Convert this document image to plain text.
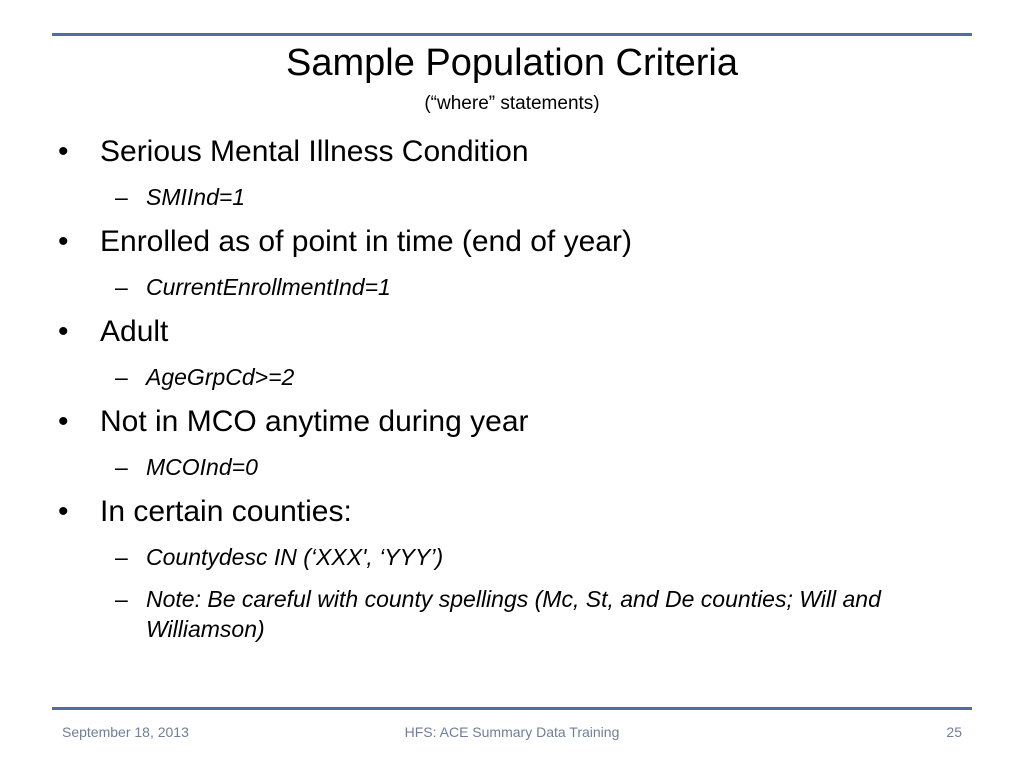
Sample Population Criteria
(“where” statements)
• Serious Mental Illness Condition
– SMIInd=1
• Enrolled as of point in time (end of year)
– CurrentEnrollmentInd=1
• Adult
– AgeGrpCd>=2
• Not in MCO anytime during year
– MCOInd=0
• In certain counties:
– Countydesc IN (‘XXX', ‘YYY’)
– Note: Be careful with county spellings (Mc, St, and De counties; Will and Williamson)
September 18, 2013	HFS: ACE Summary Data Training	25
